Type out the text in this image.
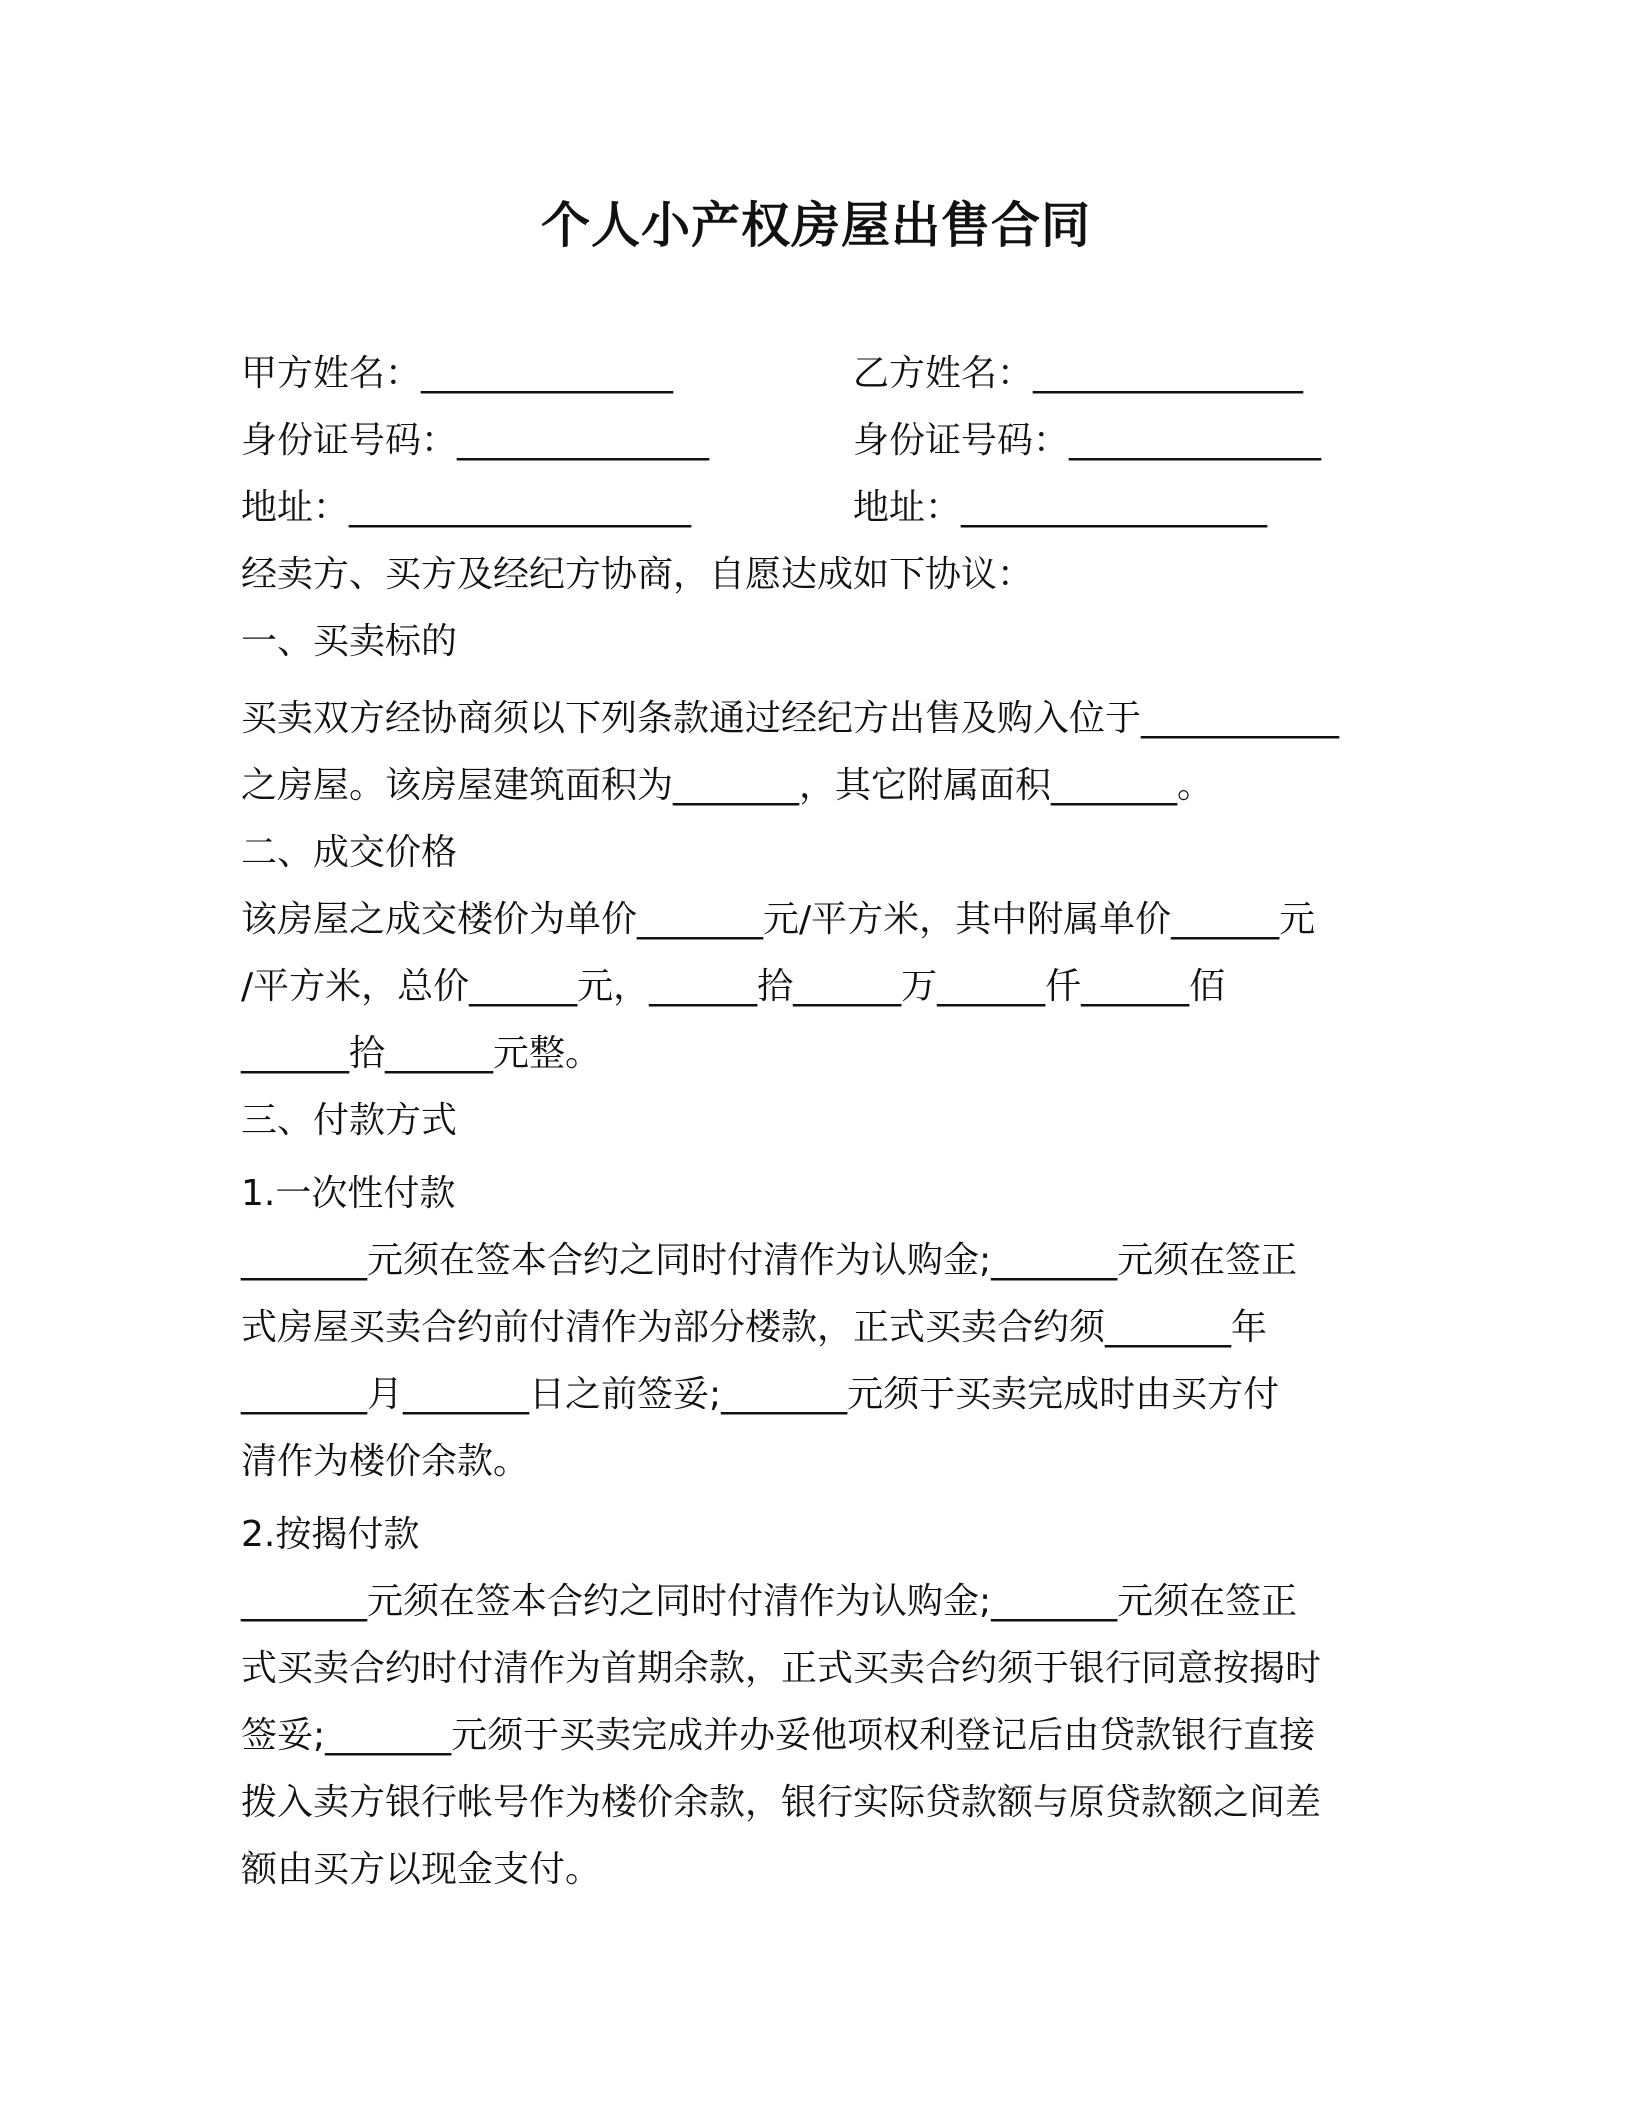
个人小产权房屋出售合同
甲方姓名：______________	乙方姓名：_______________
身份证号码：______________	身份证号码：______________
地址：___________________	地址：_________________
经卖方、买方及经纪方协商，自愿达成如下协议：
一、买卖标的
买卖双方经协商须以下列条款通过经纪方出售及购入位于___________
之房屋。该房屋建筑面积为_______，其它附属面积_______。
二、成交价格
该房屋之成交楼价为单价_______元/平方米，其中附属单价______元
/平方米，总价______元，______拾______万______仟______佰
______拾______元整。
三、付款方式
1.一次性付款
_______元须在签本合约之同时付清作为认购金;_______元须在签正
式房屋买卖合约前付清作为部分楼款，正式买卖合约须_______年
_______月_______日之前签妥;_______元须于买卖完成时由买方付
清作为楼价余款。
2.按揭付款
_______元须在签本合约之同时付清作为认购金;_______元须在签正
式买卖合约时付清作为首期余款，正式买卖合约须于银行同意按揭时
签妥;_______元须于买卖完成并办妥他项权利登记后由贷款银行直接
拨入卖方银行帐号作为楼价余款，银行实际贷款额与原贷款额之间差
额由买方以现金支付。
